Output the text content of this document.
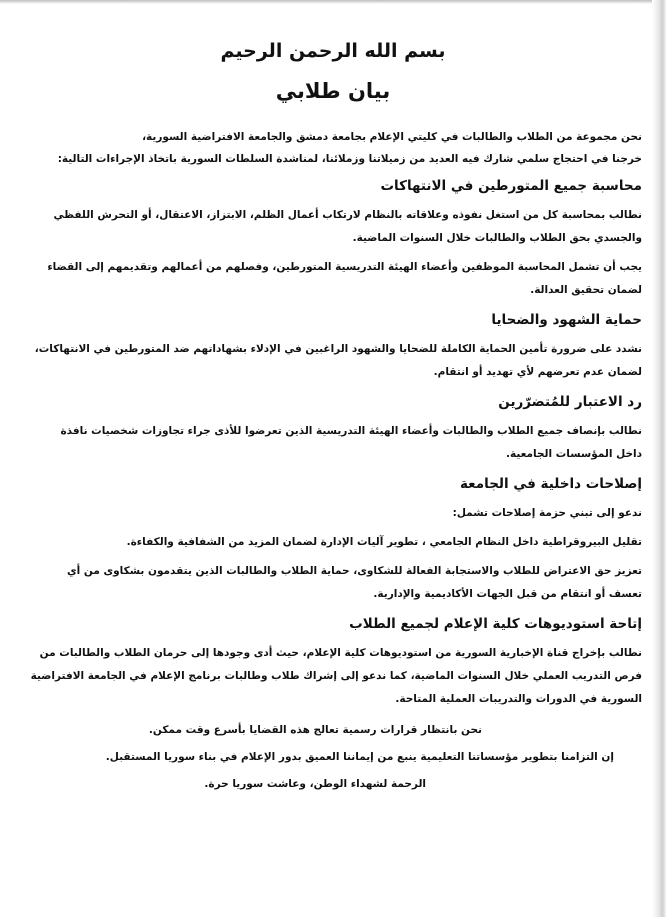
بسم الله الرحمن الرحيم
بيان طلابي

نحن مجموعة من الطلاب والطالبات في كليتي الإعلام بجامعة دمشق والجامعة الافتراضية السورية،

خرجنا في احتجاج سلمي شارك فيه العديد من زميلاتنا وزملائنا، لمناشدة السلطات السورية باتخاذ الإجراءات التالية:

محاسبة جميع المتورطين في الانتهاكات
نطالب بمحاسبة كل من استغل نفوذه وعلاقاته بالنظام لارتكاب أعمال الظلم، الابتزاز، الاعتقال، أو التحرش اللفظي
والجسدي بحق الطلاب والطالبات خلال السنوات الماضية.
يجب أن تشمل المحاسبة الموظفين وأعضاء الهيئة التدريسية المتورطين، وفصلهم من أعمالهم وتقديمهم إلى القضاء
لضمان تحقيق العدالة.
حماية الشهود والضحايا
نشدد على ضرورة تأمين الحماية الكاملة للضحايا والشهود الراغبين في الإدلاء بشهاداتهم ضد المتورطين في الانتهاكات،
لضمان عدم تعرضهم لأي تهديد أو انتقام.
رد الاعتبار للمُتضرّرين
نطالب بإنصاف جميع الطلاب والطالبات وأعضاء الهيئة التدريسية الذين تعرضوا للأذى جراء تجاوزات شخصيات نافذة
داخل المؤسسات الجامعية.
إصلاحات داخلية في الجامعة
ندعو إلى تبني حزمة إصلاحات تشمل:
تقليل البيروقراطية داخل النظام الجامعي ، تطوير آليات الإدارة لضمان المزيد من الشفافية والكفاءة.
تعزيز حق الاعتراض للطلاب والاستجابة الفعالة للشكاوى، حماية الطلاب والطالبات الذين يتقدمون بشكاوى من أي
تعسف أو انتقام من قبل الجهات الأكاديمية والإدارية.
إتاحة استوديوهات كلية الإعلام لجميع الطلاب
نطالب بإخراج قناة الإخبارية السورية من استوديوهات كلية الإعلام، حيث أدى وجودها إلى حرمان الطلاب والطالبات من
فرص التدريب العملي خلال السنوات الماضية، كما ندعو إلى إشراك طلاب وطالبات برنامج الإعلام في الجامعة الافتراضية
السورية في الدورات والتدريبات العملية المتاحة.
نحن بانتظار قرارات رسمية تعالج هذه القضايا بأسرع وقت ممكن.
إن التزامنا بتطوير مؤسساتنا التعليمية ينبع من إيماننا العميق بدور الإعلام في بناء سوريا المستقبل.
الرحمة لشهداء الوطن، وعاشت سوريا حرة.
